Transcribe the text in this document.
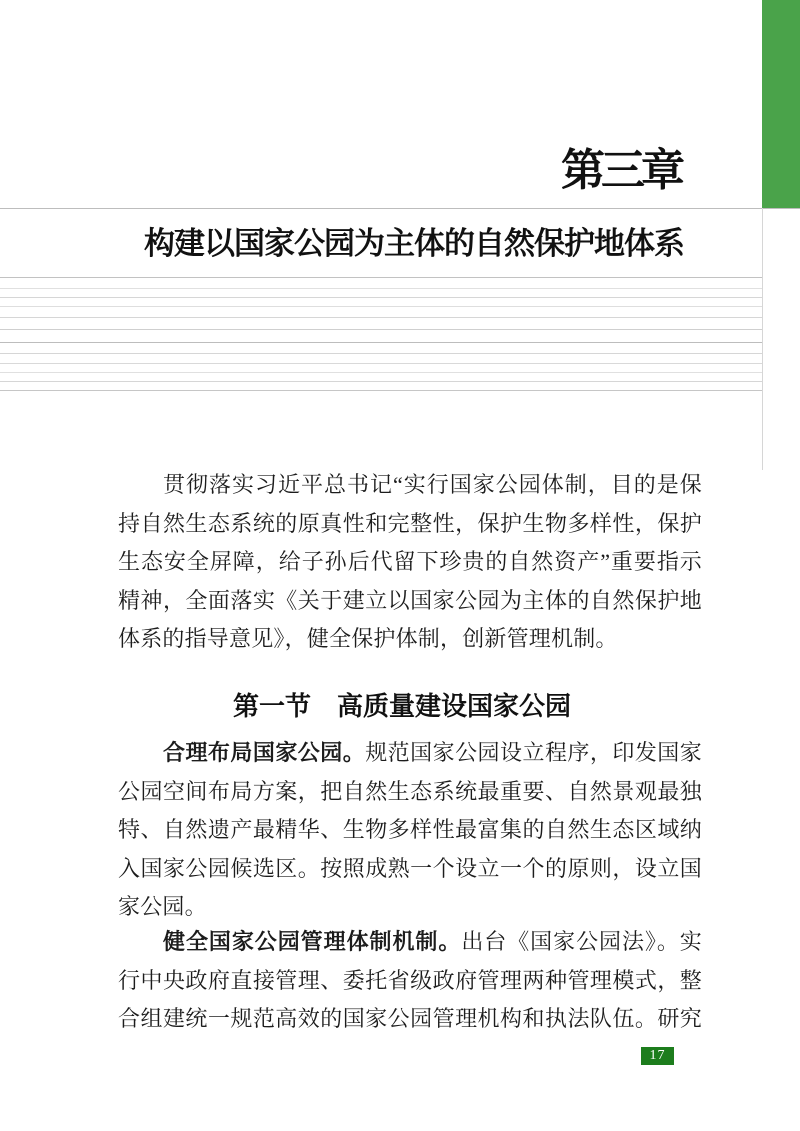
第三章
构建以国家公园为主体的自然保护地体系
贯彻落实习近平总书记“实行国家公园体制，目的是保
持自然生态系统的原真性和完整性，保护生物多样性，保护
生态安全屏障，给子孙后代留下珍贵的自然资产”重要指示
精神，全面落实《关于建立以国家公园为主体的自然保护地
体系的指导意见》，健全保护体制，创新管理机制。
第一节　高质量建设国家公园
合理布局国家公园。规范国家公园设立程序，印发国家
公园空间布局方案，把自然生态系统最重要、自然景观最独
特、自然遗产最精华、生物多样性最富集的自然生态区域纳
入国家公园候选区。按照成熟一个设立一个的原则，设立国
家公园。
健全国家公园管理体制机制。出台《国家公园法》。实
行中央政府直接管理、委托省级政府管理两种管理模式，整
合组建统一规范高效的国家公园管理机构和执法队伍。研究
17
